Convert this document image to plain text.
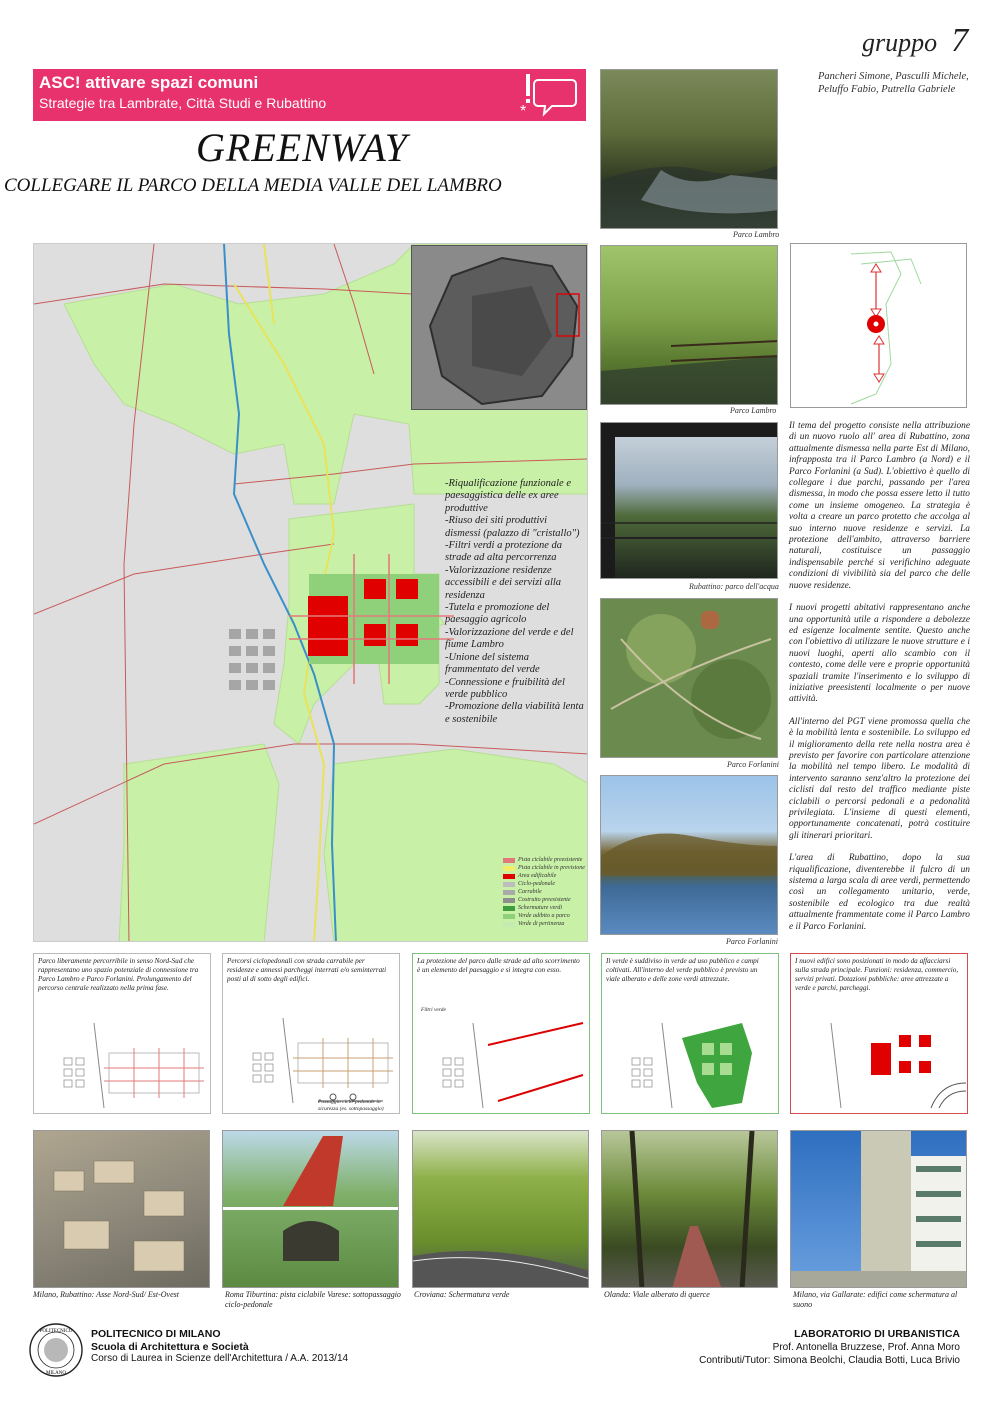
gruppo 7
Pancheri Simone, Pasculli Michele, Peluffo Fabio, Putrella Gabriele
ASC! attivare spazi comuni
Strategie tra Lambrate, Città Studi e Rubattino	*
GREENWAY
COLLEGARE IL PARCO DELLA MEDIA VALLE DEL LAMBRO
-Riqualificazione funzionale e paesaggistica delle ex aree produttive
-Riuso dei siti produttivi dismessi (palazzo di "cristallo")
-Filtri verdi a protezione da strade ad alta percorrenza
-Valorizzazione residenze accessibili e dei servizi alla residenza
-Tutela e promozione del paesaggio agricolo
-Valorizzazione del verde e del fiume Lambro
-Unione del sistema frammentato del verde
-Connessione e fruibilità del verde pubblico
-Promozione della viabilità lenta e sostenibile
Pista ciclabile preesistente
Pista ciclabile in previsione
Area edificabile
Ciclo-pedonale
Carrabile
Costruito preesistente
Schermature verdi
Verde adibito a parco
Verde di pertinenza
Parco Lambro
Parco Lambro
Rubattino: parco dell'acqua
Parco Forlanini
Parco Forlanini

Il tema del progetto consiste nella attribuzione di un nuovo ruolo all' area di Rubattino, zona attualmente dismessa nella parte Est di Milano, infrapposta tra il Parco Lambro (a Nord) e il Parco Forlanini (a Sud). L'obiettivo è quello di collegare i due parchi, passando per l'area dismessa, in modo che possa essere letto il tutto come un insieme omogeneo. La strategia è volta a creare un parco protetto che accolga al suo interno nuove residenze e servizi. La protezione dell'ambito, attraverso barriere naturali, costituisce un passaggio indispensabile perché si verifichino adeguate condizioni di vivibilità sia del parco che delle nuove residenze.

I nuovi progetti abitativi rappresentano anche una opportunità utile a rispondere a debolezze ed esigenze localmente sentite. Questo anche con l'obiettivo di utilizzare le nuove strutture e i nuovi luoghi, aperti allo scambio con il contesto, come delle vere e proprie opportunità spaziali tramite l'inserimento e lo sviluppo di iniziative preesistenti localmente o per nuove attività.

All'interno del PGT viene promossa quella che è la mobilità lenta e sostenibile. Lo sviluppo ed il miglioramento della rete nella nostra area è previsto per favorire con particolare attenzione la mobilità nel tempo libero. Le modalità di intervento saranno senz'altro la protezione dei ciclisti dal resto del traffico mediante piste ciclabili o percorsi pedonali e a pedonalità privilegiata. L'insieme di questi elementi, opportunamente concatenati, potrà costituire gli itinerari prioritari.

L'area di Rubattino, dopo la sua riqualificazione, diventerebbe il fulcro di un sistema a larga scala di aree verdi, permettendo così un collegamento unitario, verde, sostenibile ed ecologico tra due realtà attualmente frammentate come il Parco Lambro e il Parco Forlanini.

Parco liberamente percorribile in senso Nord-Sud che rappresentano uno spazio potenziale di connessione tra Parco Lambro e Parco Forlanini. Prolungamento del percorso centrale realizzato nella prima fase.
Percorsi ciclopedonali con strada carrabile per residenze e annessi parcheggi interrati e/o seminterrati posti al di sotto degli edifici.
Passaggio ciclo-pedonale in sicurezza (es. sottopassaggio)
La protezione del parco dalle strade ad alto scorrimento è un elemento del paesaggio e si integra con esso.
Filtri verde
Il verde è suddiviso in verde ad uso pubblico e campi coltivati. All'interno del verde pubblico è previsto un viale alberato e delle zone verdi attrezzate.
I nuovi edifici sono posizionati in modo da affacciarsi sulla strada principale. Funzioni: residenza, commercio, servizi privati. Dotazioni pubbliche: aree attrezzate a verde e parchi, parcheggi.
Milano, Rubattino: Asse Nord-Sud/ Est-Ovest	Roma Tiburtina: pista ciclabile Varese: sottopassaggio ciclo-pedonale
Croviana: Schermatura verde	Olanda: Viale alberato di querce	Milano, via Gallarate: edifici come schermatura al suono
POLITECNICO
MILANO
POLITECNICO DI MILANO
Scuola di Architettura e Società
Corso di Laurea in Scienze dell'Architettura / A.A. 2013/14
LABORATORIO DI URBANISTICA
Prof. Antonella Bruzzese, Prof. Anna Moro
Contributi/Tutor: Simona Beolchi, Claudia Botti, Luca Brivio
